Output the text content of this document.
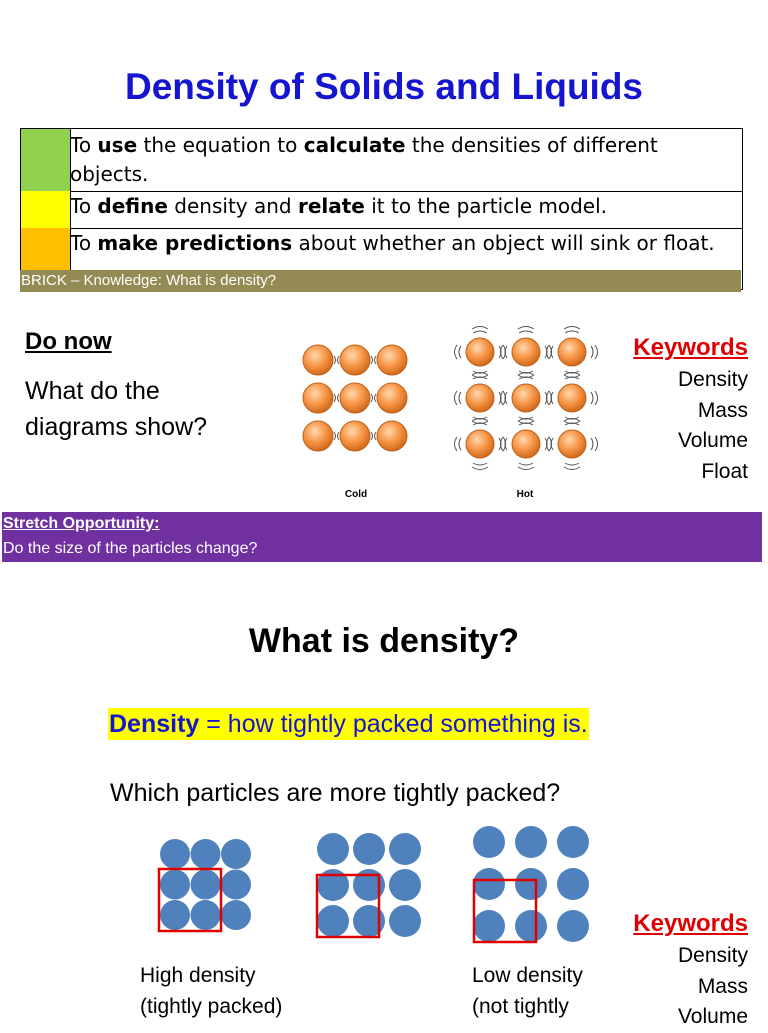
Density of Solids and Liquids
To use the equation to calculate the densities of different objects.
To define density and relate it to the particle model.
To make predictions about whether an object will sink or float.
BRICK – Knowledge: What is density?
Do now
What do the diagrams show?
Cold	Hot
Keywords
Density
Mass
Volume
Float
Stretch Opportunity:
Do the size of the particles change?
What is density?
Density = how tightly packed something is.
Which particles are more tightly packed?
High density
(tightly packed)
Low density
(not tightly
Keywords
Density
Mass
Volume
